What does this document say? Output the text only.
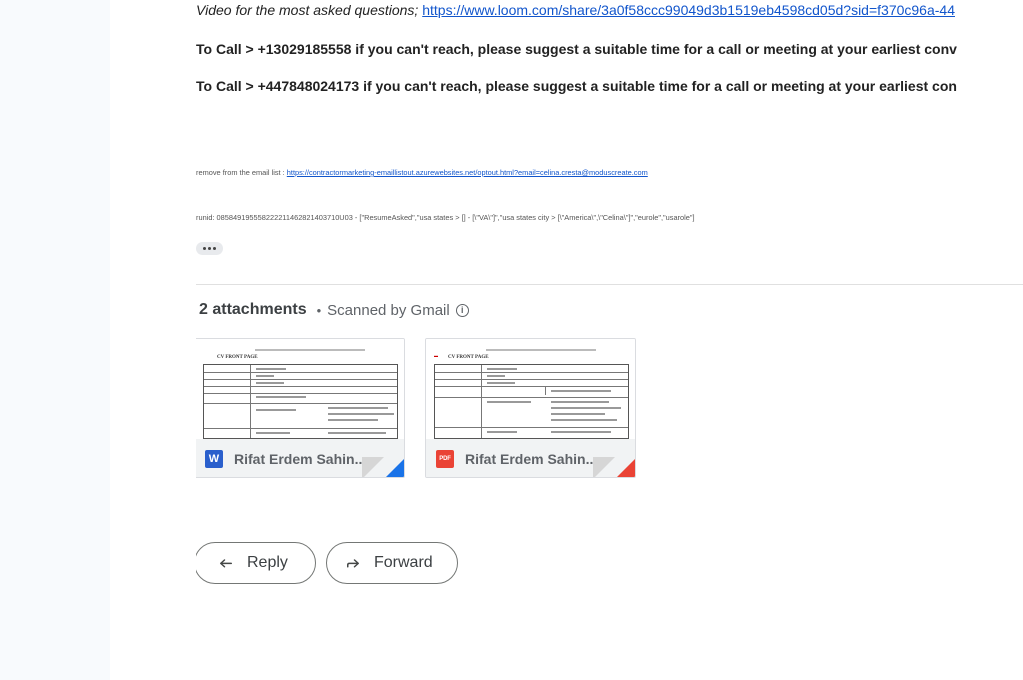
Video for the most asked questions; https://www.loom.com/share/3a0f58ccc99049d3b1519eb4598cd05d?sid=f370c96a-44
To Call > +13029185558 if you can't reach, please suggest a suitable time for a call or meeting at your earliest conv
To Call > +447848024173 if you can't reach, please suggest a suitable time for a call or meeting at your earliest con
remove from the email list : https://contractormarketing-emaillistout.azurewebsites.net/optout.html?email=celina.cresta@moduscreate.com
runid: 085849195558222211462821403710U03 - ["ResumeAsked","usa states > [] - [\"VA\"]","usa states city > [\"America\",\"Celina\"]","eurole","usarole"]
2 attachments • Scanned by Gmail	i
CV FRONT PAGE
W Rifat Erdem Sahin...
▬ CV FRONT PAGE
PDF Rifat Erdem Sahin...
Reply	Forward
